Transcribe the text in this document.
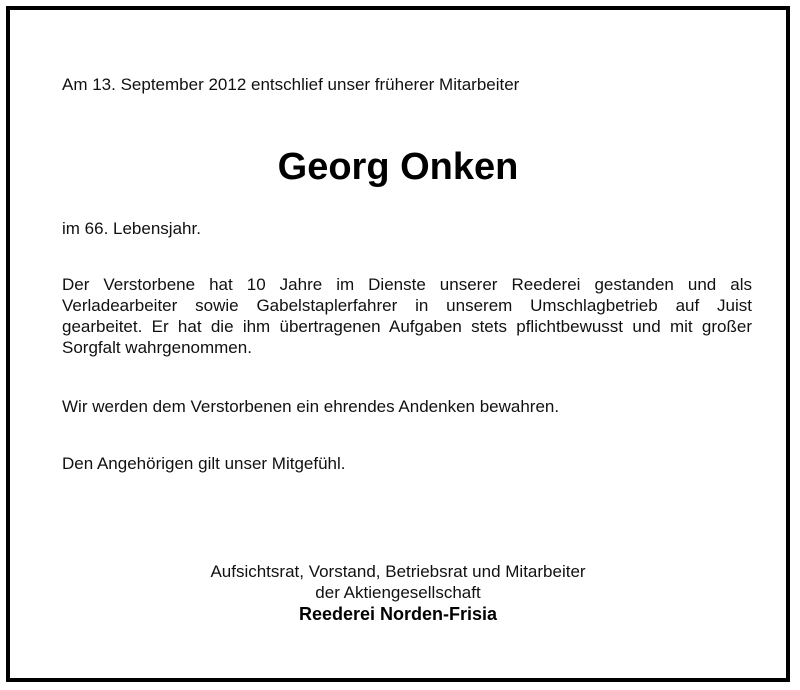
Am 13. September 2012 entschlief unser früherer Mitarbeiter
Georg Onken
im 66. Lebensjahr.
Der Verstorbene hat 10 Jahre im Dienste unserer Reederei gestanden und als
Verladearbeiter sowie Gabelstaplerfahrer in unserem Umschlagbetrieb auf Juist
gearbeitet. Er hat die ihm übertragenen Aufgaben stets pflichtbewusst und mit großer
Sorgfalt wahrgenommen.
Wir werden dem Verstorbenen ein ehrendes Andenken bewahren.
Den Angehörigen gilt unser Mitgefühl.
Aufsichtsrat, Vorstand, Betriebsrat und Mitarbeiter
der Aktiengesellschaft
Reederei Norden-Frisia
